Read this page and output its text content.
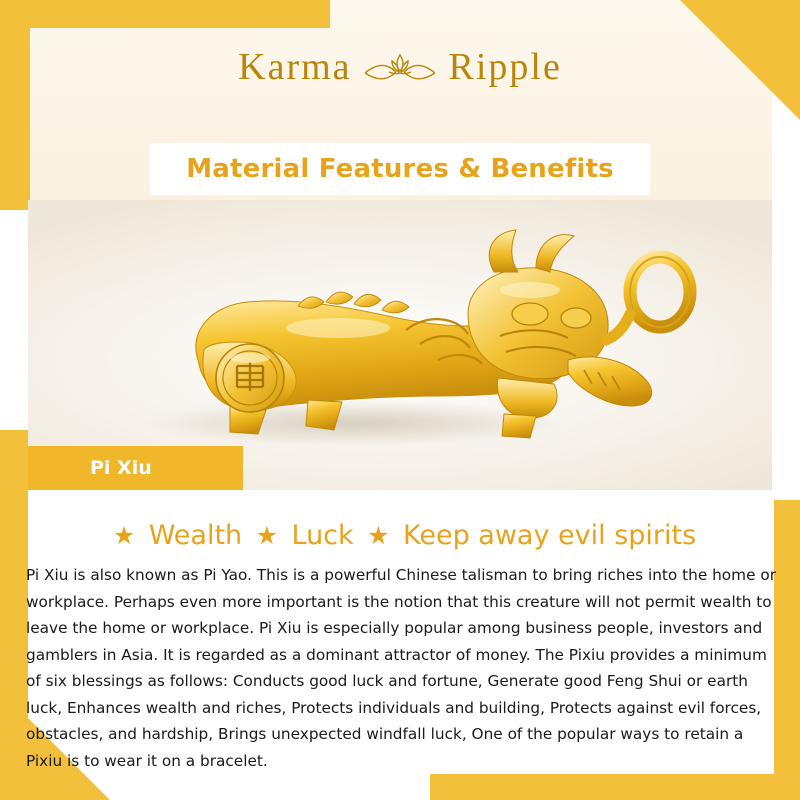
Karma	Ripple
Material Features & Benefits
Pi Xiu
★ Wealth ★ Luck ★ Keep away evil spirits
Pi Xiu is also known as Pi Yao. This is a powerful Chinese talisman to bring riches into the home or workplace. Perhaps even more important is the notion that this creature will not permit wealth to leave the home or workplace. Pi Xiu is especially popular among business people, investors and gamblers in Asia. It is regarded as a dominant attractor of money. The Pixiu provides a minimum of six blessings as follows: Conducts good luck and fortune, Generate good Feng Shui or earth luck, Enhances wealth and riches, Protects individuals and building, Protects against evil forces, obstacles, and hardship, Brings unexpected windfall luck, One of the popular ways to retain a Pixiu is to wear it on a bracelet.
